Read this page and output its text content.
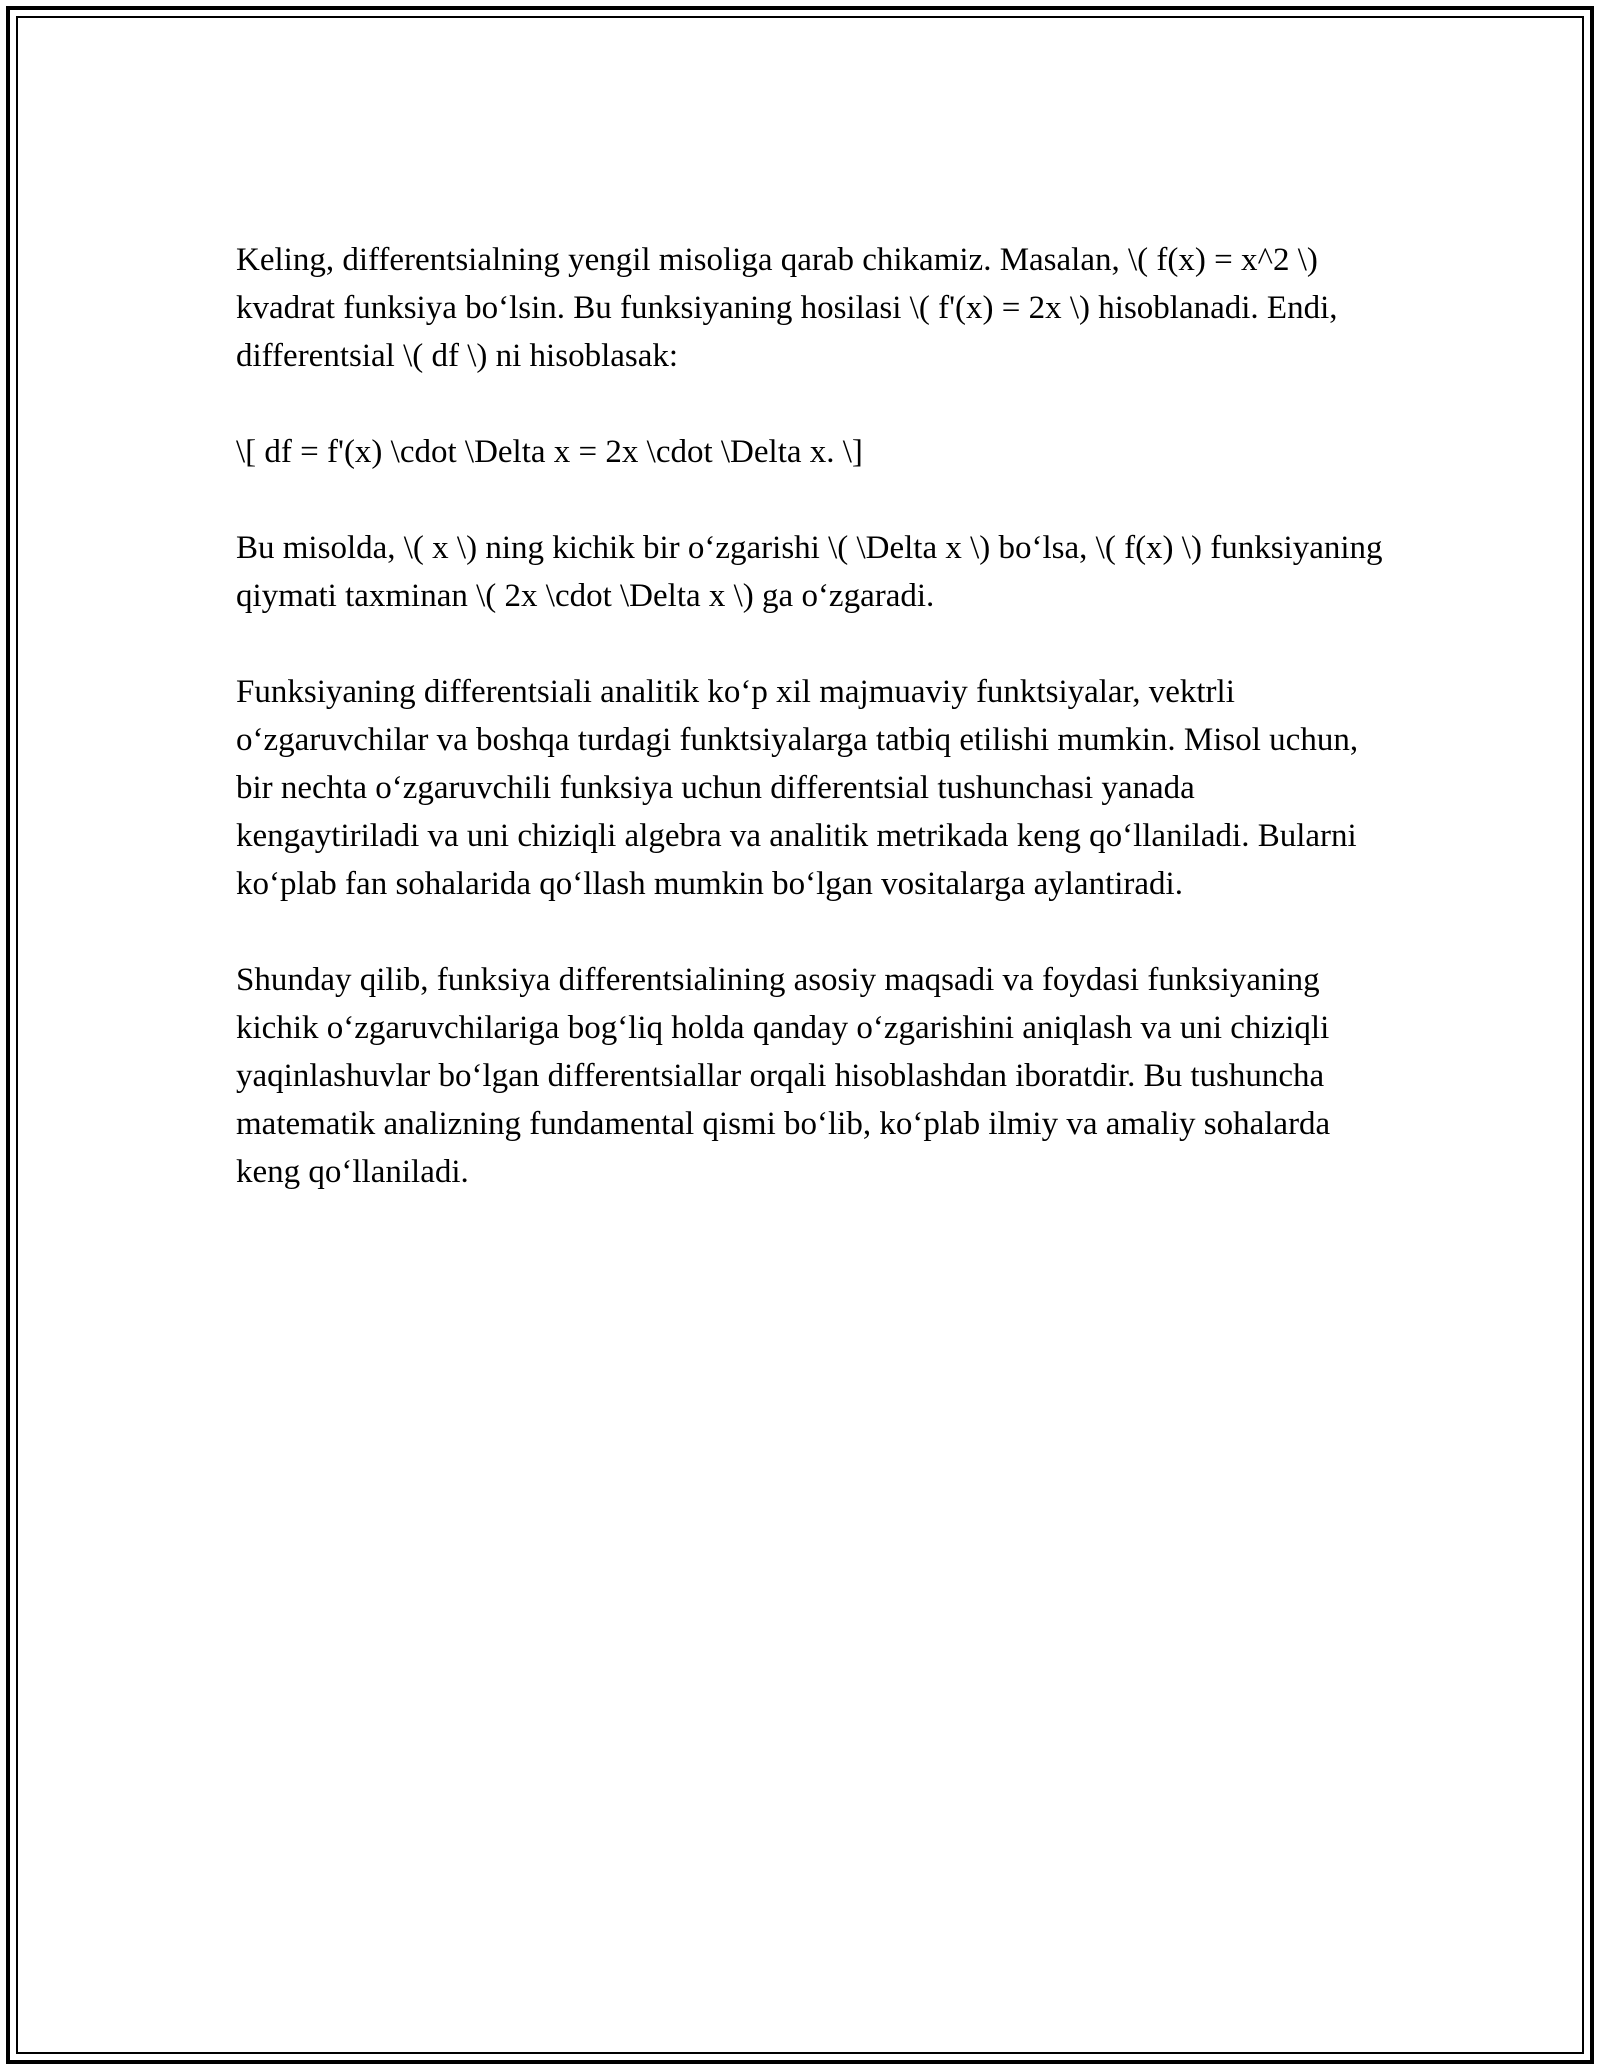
Keling, differentsialning yengil misoliga qarab chikamiz. Masalan, \( f(x) = x^2 \) kvadrat funksiya bo‘lsin. Bu funksiyaning hosilasi \( f'(x) = 2x \) hisoblanadi. Endi, differentsial \( df \) ni hisoblasak:

\[ df = f'(x) \cdot \Delta x = 2x \cdot \Delta x. \]

Bu misolda, \( x \) ning kichik bir o‘zgarishi \( \Delta x \) bo‘lsa, \( f(x) \) funksiyaning qiymati taxminan \( 2x \cdot \Delta x \) ga o‘zgaradi.

Funksiyaning differentsiali analitik ko‘p xil majmuaviy funktsiyalar, vektrli o‘zgaruvchilar va boshqa turdagi funktsiyalarga tatbiq etilishi mumkin. Misol uchun, bir nechta o‘zgaruvchili funksiya uchun differentsial tushunchasi yanada kengaytiriladi va uni chiziqli algebra va analitik metrikada keng qo‘llaniladi. Bularni ko‘plab fan sohalarida qo‘llash mumkin bo‘lgan vositalarga aylantiradi.

Shunday qilib, funksiya differentsialining asosiy maqsadi va foydasi funksiyaning kichik o‘zgaruvchilariga bog‘liq holda qanday o‘zgarishini aniqlash va uni chiziqli yaqinlashuvlar bo‘lgan differentsiallar orqali hisoblashdan iboratdir. Bu tushuncha matematik analizning fundamental qismi bo‘lib, ko‘plab ilmiy va amaliy sohalarda keng qo‘llaniladi.
